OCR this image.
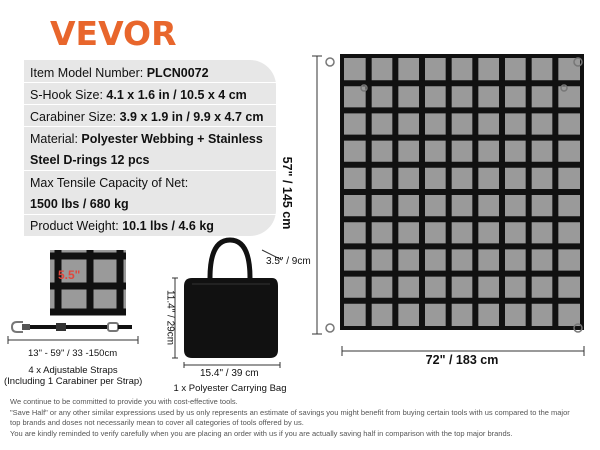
VEVOR
Item Model Number: PLCN0072
S-Hook Size: 4.1 x 1.6 in / 10.5 x 4 cm
Carabiner Size: 3.9 x 1.9 in / 9.9 x 4.7 cm
Material: Polyester Webbing + Stainless
Steel D-rings 12 pcs
Max Tensile Capacity of Net:
1500 lbs / 680 kg
Product Weight: 10.1 lbs / 4.6 kg	57" / 145 cm
72" / 183 cm
5.5"
13" - 59" / 33 -150cm
4 x Adjustable Straps
(Including 1 Carabiner per Strap)
3.5" / 9cm
11.4" / 29cm
15.4" / 39 cm
1 x Polyester Carrying Bag
We continue to be committed to provide you with cost-effective tools.
"Save Half" or any other similar expressions used by us only represents an estimate of savings you might benefit from buying certain tools with us compared to the major
top brands and doses not necessarily mean to cover all categories of tools offered by us.
You are kindly reminded to verify carefully when you are placing an order with us if you are actually saving half in comparison with the top major brands.
